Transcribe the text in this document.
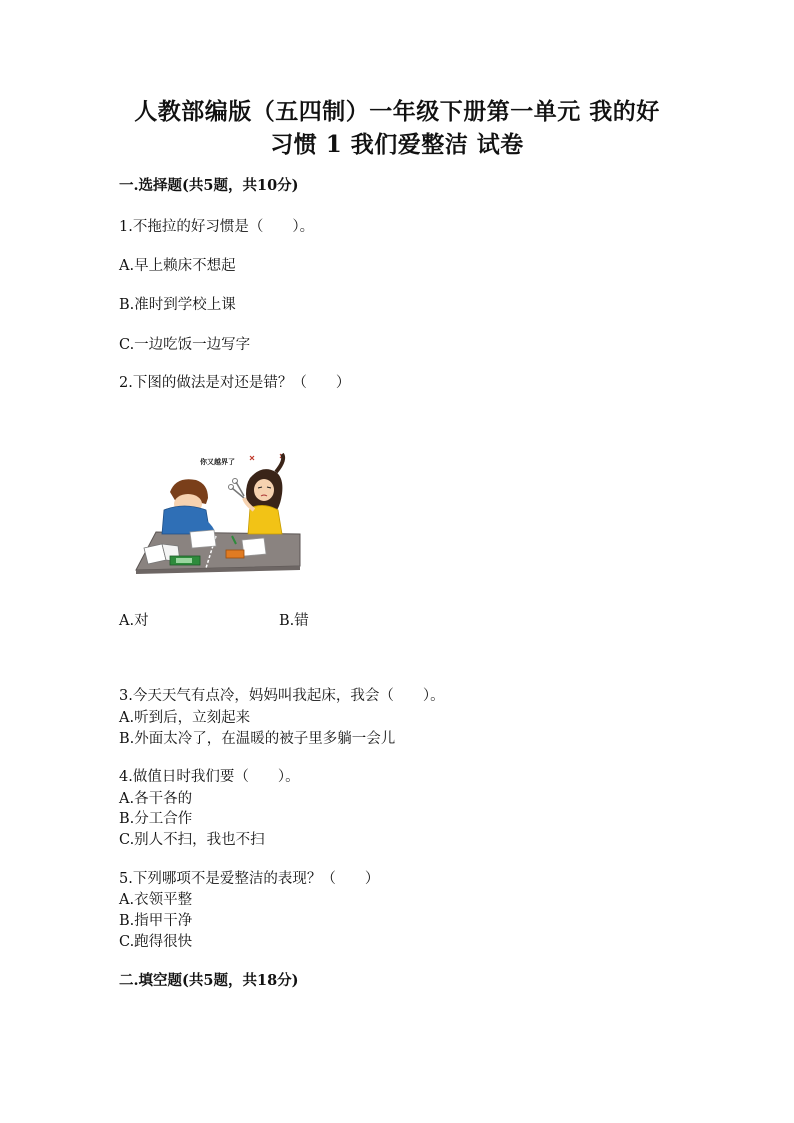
人教部编版（五四制）一年级下册第一单元 我的好
习惯 1 我们爱整洁 试卷
一.选择题(共5题，共10分)
1.不拖拉的好习惯是（　　）。
A.早上赖床不想起
B.准时到学校上课
C.一边吃饭一边写字
2.下图的做法是对还是错？（　　）
你又越界了
A.对	B.错
3.今天天气有点冷，妈妈叫我起床，我会（　　）。
A.听到后，立刻起来
B.外面太冷了，在温暖的被子里多躺一会儿
4.做值日时我们要（　　）。
A.各干各的
B.分工合作
C.别人不扫，我也不扫
5.下列哪项不是爱整洁的表现？（　　）
A.衣领平整
B.指甲干净
C.跑得很快
二.填空题(共5题，共18分)
